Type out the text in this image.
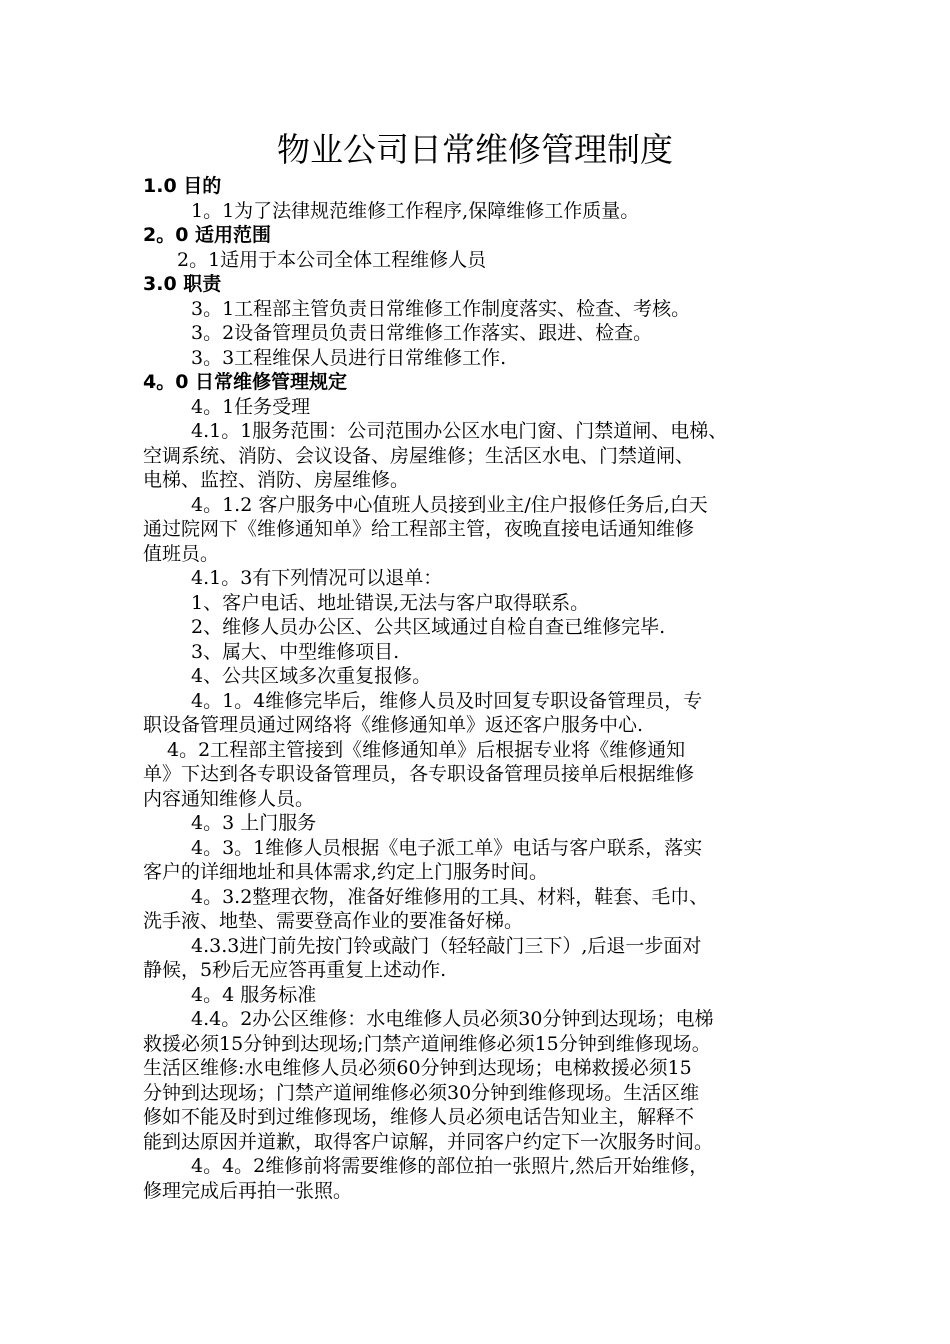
物业公司日常维修管理制度
1.0 目的
1。1为了法律规范维修工作程序,保障维修工作质量。
2。0 适用范围
2。1适用于本公司全体工程维修人员
3.0 职责
3。1工程部主管负责日常维修工作制度落实、检查、考核。
3。2设备管理员负责日常维修工作落实、跟进、检查。
3。3工程维保人员进行日常维修工作.
4。0 日常维修管理规定
4。1任务受理
4.1。1服务范围：公司范围办公区水电门窗、门禁道闸、电梯、
空调系统、消防、会议设备、房屋维修；生活区水电、门禁道闸、
电梯、监控、消防、房屋维修。
4。1.2 客户服务中心值班人员接到业主/住户报修任务后,白天
通过院网下《维修通知单》给工程部主管，夜晚直接电话通知维修
值班员。
4.1。3有下列情况可以退单：
1、客户电话、地址错误,无法与客户取得联系。
2、维修人员办公区、公共区域通过自检自查已维修完毕.
3、属大、中型维修项目.
4、公共区域多次重复报修。
4。1。4维修完毕后，维修人员及时回复专职设备管理员，专
职设备管理员通过网络将《维修通知单》返还客户服务中心.
4。2工程部主管接到《维修通知单》后根据专业将《维修通知
单》下达到各专职设备管理员，各专职设备管理员接单后根据维修
内容通知维修人员。
4。3 上门服务
4。3。1维修人员根据《电子派工单》电话与客户联系，落实
客户的详细地址和具体需求,约定上门服务时间。
4。3.2整理衣物，准备好维修用的工具、材料，鞋套、毛巾、
洗手液、地垫、需要登高作业的要准备好梯。
4.3.3进门前先按门铃或敲门（轻轻敲门三下）,后退一步面对
静候，5秒后无应答再重复上述动作.
4。4 服务标准
4.4。2办公区维修：水电维修人员必须30分钟到达现场；电梯
救援必须15分钟到达现场;门禁产道闸维修必须15分钟到维修现场。
生活区维修:水电维修人员必须60分钟到达现场；电梯救援必须15
分钟到达现场；门禁产道闸维修必须30分钟到维修现场。生活区维
修如不能及时到过维修现场，维修人员必须电话告知业主，解释不
能到达原因并道歉，取得客户谅解，并同客户约定下一次服务时间。
4。4。2维修前将需要维修的部位拍一张照片,然后开始维修，
修理完成后再拍一张照。
